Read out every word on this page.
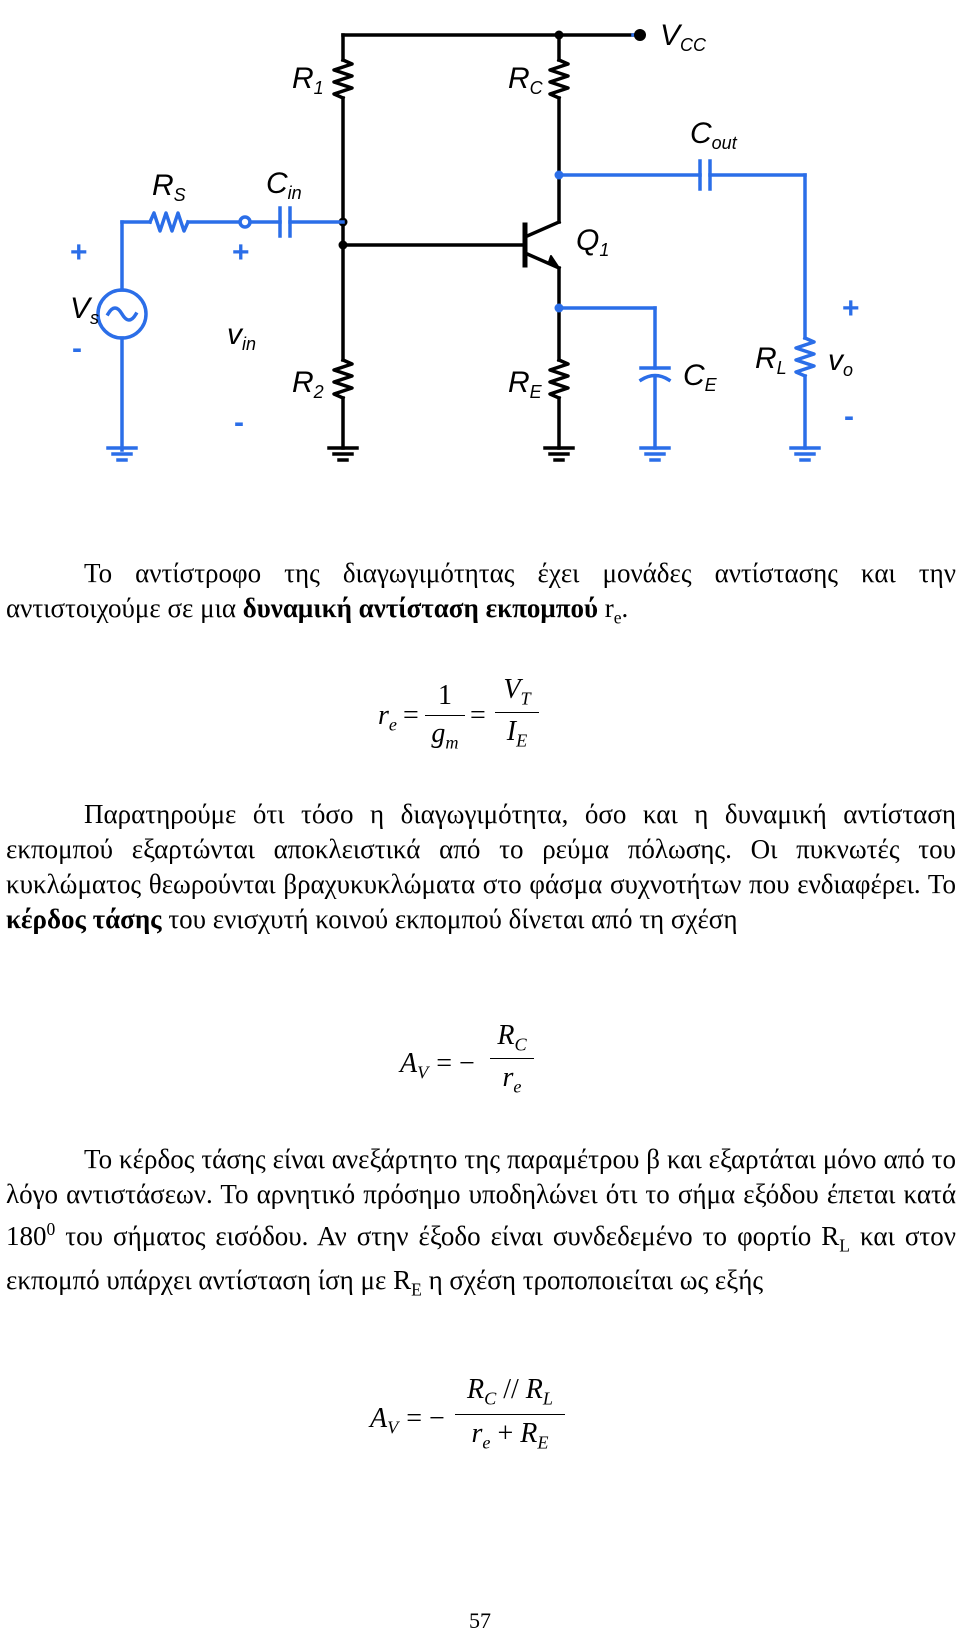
$V_{CC}$
$R_1$	$R_C$
$C_{out}$
$R_S$	$C_{in}$
$Q_1$
$V_s$	$v_{in}$
$R_2$	$R_E$	$C_E$
$R_L$ $v_o$
+
-
+
-
+
-
Το αντίστροφο της διαγωγιμότητας έχει μονάδες αντίστασης και την αντιστοιχούμε σε μια δυναμική αντίσταση εκπομπού $r_e$.
$r_e$ =
1
$g_m$
=
$V_T$
$I_E$
Παρατηρούμε ότι τόσο η διαγωγιμότητα, όσο και η δυναμική αντίσταση εκπομπού εξαρτώνται αποκλειστικά από το ρεύμα πόλωσης. Οι πυκνωτές του κυκλώματος θεωρούνται βραχυκυκλώματα στο φάσμα συχνοτήτων που ενδιαφέρει. Το κέρδος τάσης του ενισχυτή κοινού εκπομπού δίνεται από τη σχέση
$A_V$ = −
$R_C$
$r_e$
Το κέρδος τάσης είναι ανεξάρτητο της παραμέτρου β και εξαρτάται μόνο από το λόγο αντιστάσεων. Το αρνητικό πρόσημο υποδηλώνει ότι το σήμα εξόδου έπεται κατά $180^0$ του σήματος εισόδου. Αν στην έξοδο είναι συνδεδεμένο το φορτίο $R_L$ και στον εκπομπό υπάρχει αντίσταση ίση με $R_E$ η σχέση τροποποιείται ως εξής
$A_V$ = −
$R_C // R_L$
$r_e + R_E$
57
